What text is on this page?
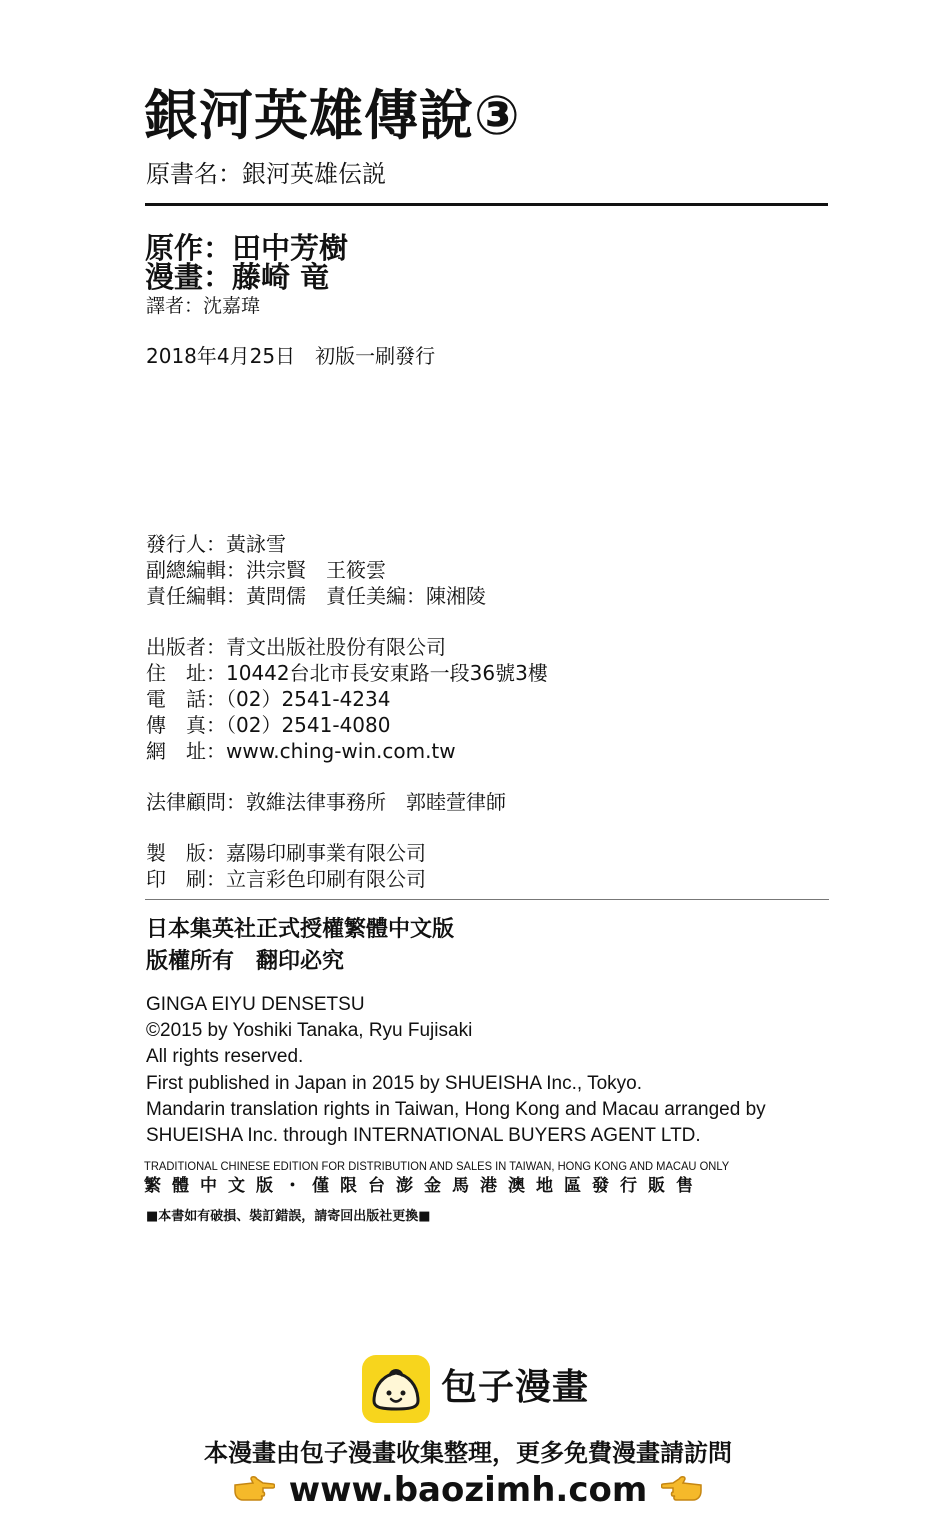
銀河英雄傳說③
原書名：銀河英雄伝説
原作：田中芳樹
漫畫：藤崎 竜
譯者：沈嘉瑋
2018年4月25日　初版一刷發行
發行人：黃詠雪
副總編輯：洪宗賢　王筱雲
責任編輯：黃問儒　責任美編：陳湘陵
出版者：青文出版社股份有限公司
住　址：10442台北市長安東路一段36號3樓
電　話：（02）2541-4234
傳　真：（02）2541-4080
網　址：www.ching-win.com.tw
法律顧問：敦維法律事務所　郭睦萱律師
製　版：嘉陽印刷事業有限公司
印　刷：立言彩色印刷有限公司
日本集英社正式授權繁體中文版
版權所有　翻印必究
GINGA EIYU DENSETSU
©2015 by Yoshiki Tanaka, Ryu Fujisaki
All rights reserved.
First published in Japan in 2015 by SHUEISHA Inc., Tokyo.
Mandarin translation rights in Taiwan, Hong Kong and Macau arranged by
SHUEISHA Inc. through INTERNATIONAL BUYERS AGENT LTD.
TRADITIONAL CHINESE EDITION FOR DISTRIBUTION AND SALES IN TAIWAN, HONG KONG AND MACAU ONLY
繁體中文版・僅限台澎金馬港澳地區發行販售
■本書如有破損、裝訂錯誤，請寄回出版社更換■
包子漫畫
本漫畫由包子漫畫收集整理，更多免費漫畫請訪問
www.baozimh.com
